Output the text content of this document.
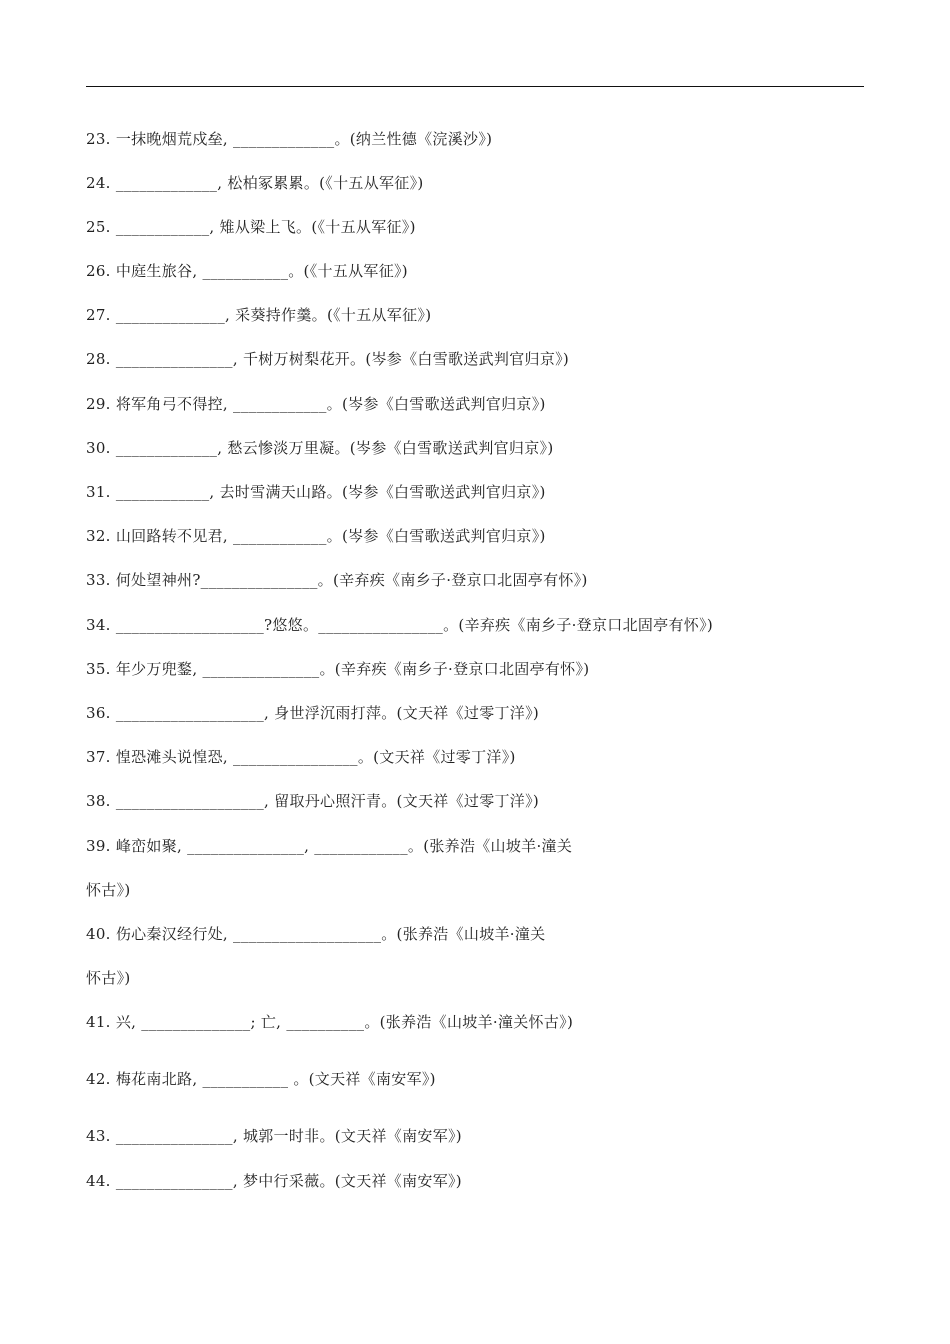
23. 一抹晚烟荒戍垒, _____________。(纳兰性德《浣溪沙》)
24. _____________, 松柏冢累累。(《十五从军征》)
25. ____________, 雉从梁上飞。(《十五从军征》)
26. 中庭生旅谷, ___________。(《十五从军征》)
27. ______________, 采葵持作羹。(《十五从军征》)
28. _______________, 千树万树梨花开。(岑参《白雪歌送武判官归京》)
29. 将军角弓不得控, ____________。(岑参《白雪歌送武判官归京》)
30. _____________, 愁云惨淡万里凝。(岑参《白雪歌送武判官归京》)
31. ____________, 去时雪满天山路。(岑参《白雪歌送武判官归京》)
32. 山回路转不见君, ____________。(岑参《白雪歌送武判官归京》)
33. 何处望神州?_______________。(辛弃疾《南乡子·登京口北固亭有怀》)
34. ___________________?悠悠。________________。(辛弃疾《南乡子·登京口北固亭有怀》)
35. 年少万兜鍪, _______________。(辛弃疾《南乡子·登京口北固亭有怀》)
36. ___________________, 身世浮沉雨打萍。(文天祥《过零丁洋》)
37. 惶恐滩头说惶恐, ________________。(文天祥《过零丁洋》)
38. ___________________, 留取丹心照汗青。(文天祥《过零丁洋》)
39. 峰峦如聚, _______________, ____________。(张养浩《山坡羊·潼关
怀古》)
40. 伤心秦汉经行处, ___________________。(张养浩《山坡羊·潼关
怀古》)
41. 兴, ______________; 亡, __________。(张养浩《山坡羊·潼关怀古》)
42. 梅花南北路, ___________ 。(文天祥《南安军》)
43. _______________, 城郭一时非。(文天祥《南安军》)
44. _______________, 梦中行采薇。(文天祥《南安军》)
